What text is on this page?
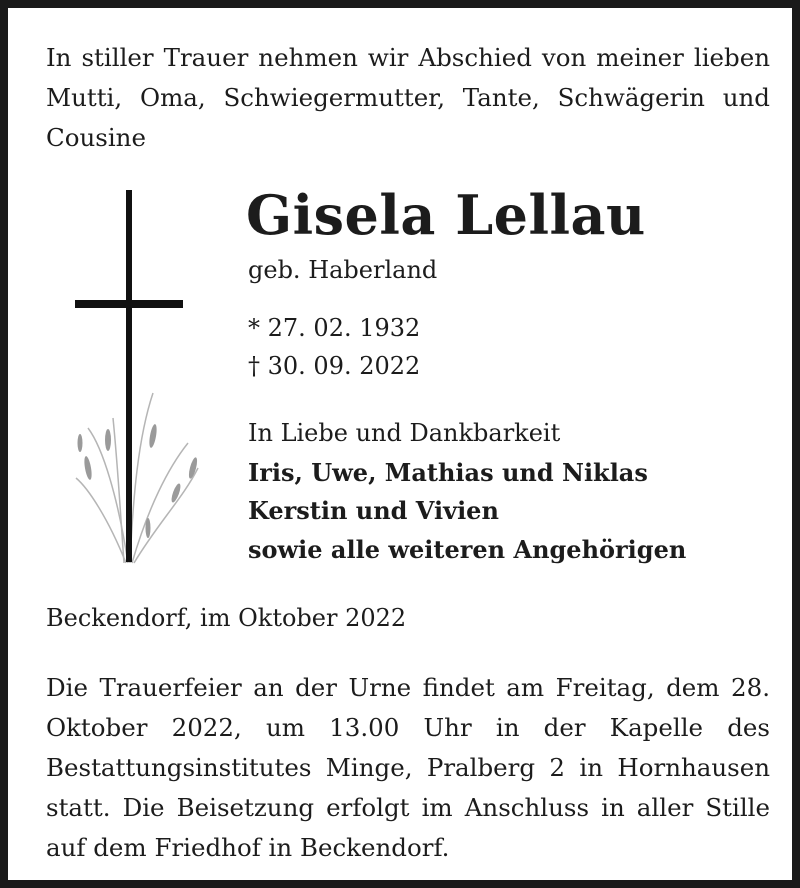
In stiller Trauer nehmen wir Abschied von meiner lieben Mutti, Oma, Schwiegermutter, Tante, Schwägerin und Cousine

Gisela Lellau

geb. Haberland

* 27. 02. 1932

† 30. 09. 2022

In Liebe und Dankbarkeit

Iris, Uwe, Mathias und Niklas

Kerstin und Vivien

sowie alle weiteren Angehörigen

Beckendorf, im Oktober 2022

Die Trauerfeier an der Urne findet am Freitag, dem 28. Oktober 2022, um 13.00 Uhr in der Kapelle des Bestattungsinstitutes Minge, Pralberg 2 in Hornhausen statt. Die Beisetzung erfolgt im Anschluss in aller Stille auf dem Friedhof in Beckendorf.
